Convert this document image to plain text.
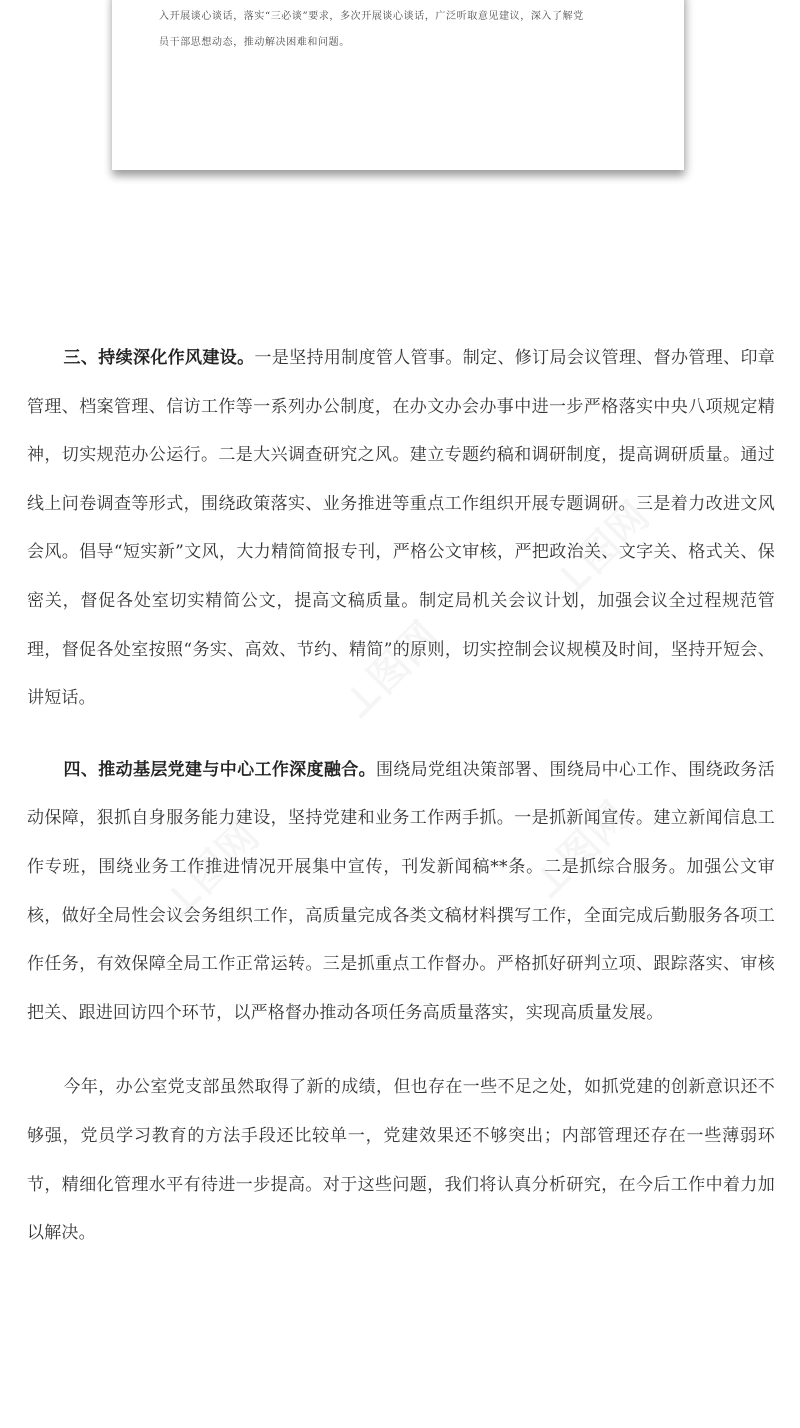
入开展谈心谈话，落实“三必谈”要求，多次开展谈心谈话，广泛听取意见建议，深入了解党

员干部思想动态，推动解决困难和问题。

三、持续深化作风建设。一是坚持用制度管人管事。制定、修订局会议管理、督办管理、印章管理、档案管理、信访工作等一系列办公制度，在办文办会办事中进一步严格落实中央八项规定精神，切实规范办公运行。二是大兴调查研究之风。建立专题约稿和调研制度，提高调研质量。通过线上问卷调查等形式，围绕政策落实、业务推进等重点工作组织开展专题调研。三是着力改进文风会风。倡导“短实新”文风，大力精简简报专刊，严格公文审核，严把政治关、文字关、格式关、保密关，督促各处室切实精简公文，提高文稿质量。制定局机关会议计划，加强会议全过程规范管理，督促各处室按照“务实、高效、节约、精简”的原则，切实控制会议规模及时间，坚持开短会、讲短话。

四、推动基层党建与中心工作深度融合。围绕局党组决策部署、围绕局中心工作、围绕政务活动保障，狠抓自身服务能力建设，坚持党建和业务工作两手抓。一是抓新闻宣传。建立新闻信息工作专班，围绕业务工作推进情况开展集中宣传，刊发新闻稿**条。二是抓综合服务。加强公文审核，做好全局性会议会务组织工作，高质量完成各类文稿材料撰写工作，全面完成后勤服务各项工作任务，有效保障全局工作正常运转。三是抓重点工作督办。严格抓好研判立项、跟踪落实、审核把关、跟进回访四个环节，以严格督办推动各项任务高质量落实，实现高质量发展。

今年，办公室党支部虽然取得了新的成绩，但也存在一些不足之处，如抓党建的创新意识还不够强，党员学习教育的方法手段还比较单一，党建效果还不够突出；内部管理还存在一些薄弱环节，精细化管理水平有待进一步提高。对于这些问题，我们将认真分析研究，在今后工作中着力加以解决。
